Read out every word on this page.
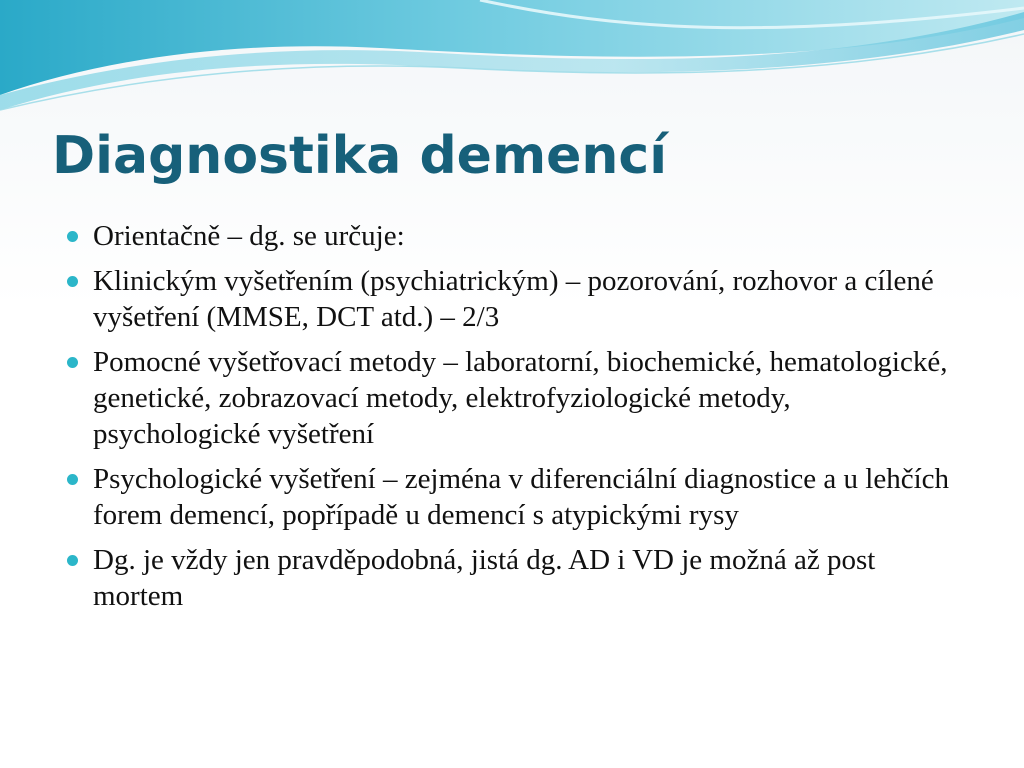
Diagnostika demencí
Orientačně – dg. se určuje:
Klinickým vyšetřením (psychiatrickým) – pozorování, rozhovor a cílené vyšetření (MMSE, DCT atd.) – 2/3
Pomocné vyšetřovací metody – laboratorní, biochemické, hematologické, genetické, zobrazovací metody, elektrofyziologické metody, psychologické vyšetření
Psychologické vyšetření – zejména v diferenciální diagnostice a u lehčích forem demencí, popřípadě u demencí s atypickými rysy
Dg. je vždy jen pravděpodobná, jistá dg. AD i VD je možná až post mortem
